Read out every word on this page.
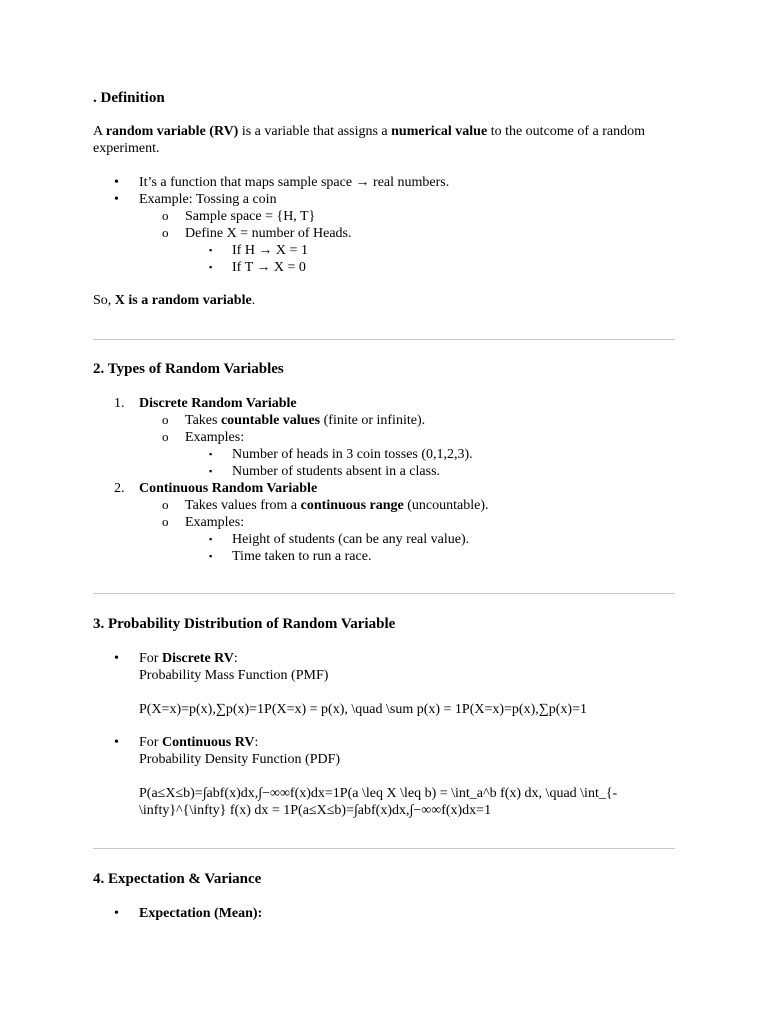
. Definition

A random variable (RV) is a variable that assigns a numerical value to the outcome of a random experiment.

• It’s a function that maps sample space → real numbers.

• Example: Tossing a coin

o Sample space = {H, T}

o Define X = number of Heads.

▪ If H → X = 1

▪ If T → X = 0

So, X is a random variable.

2. Types of Random Variables

1. Discrete Random Variable

o Takes countable values (finite or infinite).

o Examples:

▪ Number of heads in 3 coin tosses (0,1,2,3).

▪ Number of students absent in a class.

2. Continuous Random Variable

o Takes values from a continuous range (uncountable).

o Examples:

▪ Height of students (can be any real value).

▪ Time taken to run a race.

3. Probability Distribution of Random Variable

• For Discrete RV:
Probability Mass Function (PMF)

P(X=x)=p(x),∑p(x)=1P(X=x) = p(x), \quad \sum p(x) = 1P(X=x)=p(x),∑p(x)=1

• For Continuous RV:
Probability Density Function (PDF)

P(a≤X≤b)=∫abf(x)dx,∫−∞∞f(x)dx=1P(a \leq X \leq b) = \int_a^b f(x) dx, \quad \int_{-
\infty}^{\infty} f(x) dx = 1P(a≤X≤b)=∫abf(x)dx,∫−∞∞f(x)dx=1

4. Expectation & Variance

• Expectation (Mean):
